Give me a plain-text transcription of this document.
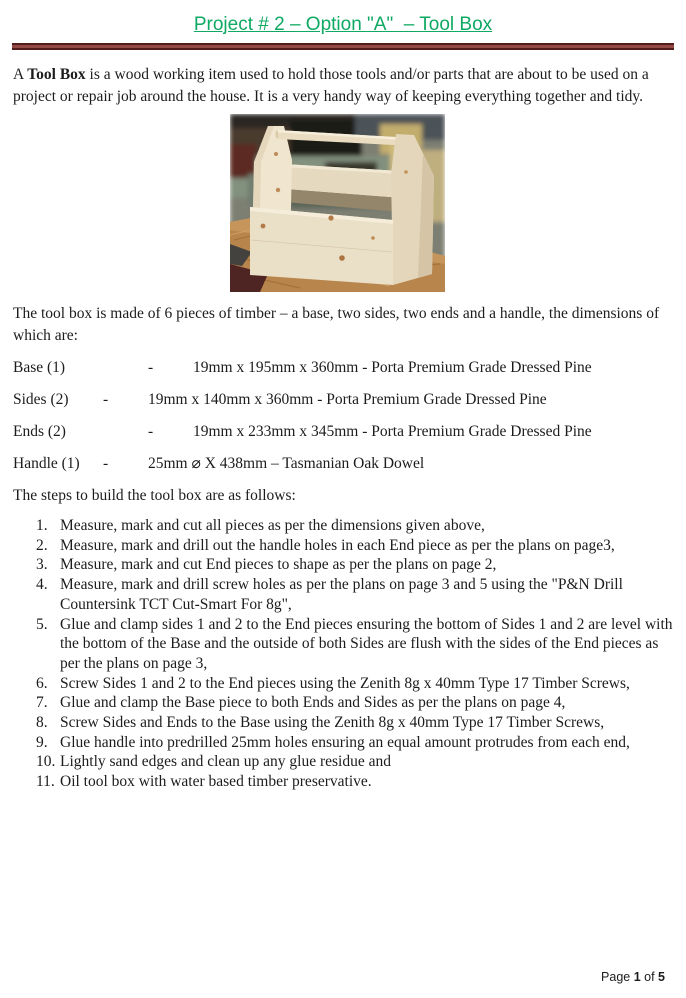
Project # 2 – Option "A"  – Tool Box

A Tool Box is a wood working item used to hold those tools and/or parts that are about to be used on a project or repair job around the house. It is a very handy way of keeping everything together and tidy.

The tool box is made of 6 pieces of timber – a base, two sides, two ends and a handle, the dimensions of which are:

Base (1)	-	19mm x 195mm x 360mm - Porta Premium Grade Dressed Pine
Sides (2) -	19mm x 140mm x 360mm - Porta Premium Grade Dressed Pine
Ends (2)	-	19mm x 233mm x 345mm - Porta Premium Grade Dressed Pine
Handle (1) -	25mm ⌀ X 438mm – Tasmanian Oak Dowel

The steps to build the tool box are as follows:

1. Measure, mark and cut all pieces as per the dimensions given above,
2. Measure, mark and drill out the handle holes in each End piece as per the plans on page3,
3. Measure, mark and cut End pieces to shape as per the plans on page 2,
4. Measure, mark and drill screw holes as per the plans on page 3 and 5 using the "P&N Drill Countersink TCT Cut-Smart For 8g",
5. Glue and clamp sides 1 and 2 to the End pieces ensuring the bottom of Sides 1 and 2 are level with the bottom of the Base and the outside of both Sides are flush with the sides of the End pieces as per the plans on page 3,
6. Screw Sides 1 and 2 to the End pieces using the Zenith 8g x 40mm Type 17 Timber Screws,
7. Glue and clamp the Base piece to both Ends and Sides as per the plans on page 4,
8. Screw Sides and Ends to the Base using the Zenith 8g x 40mm Type 17 Timber Screws,
9. Glue handle into predrilled 25mm holes ensuring an equal amount protrudes from each end,
10. Lightly sand edges and clean up any glue residue and
11. Oil tool box with water based timber preservative.
Page 1 of 5
